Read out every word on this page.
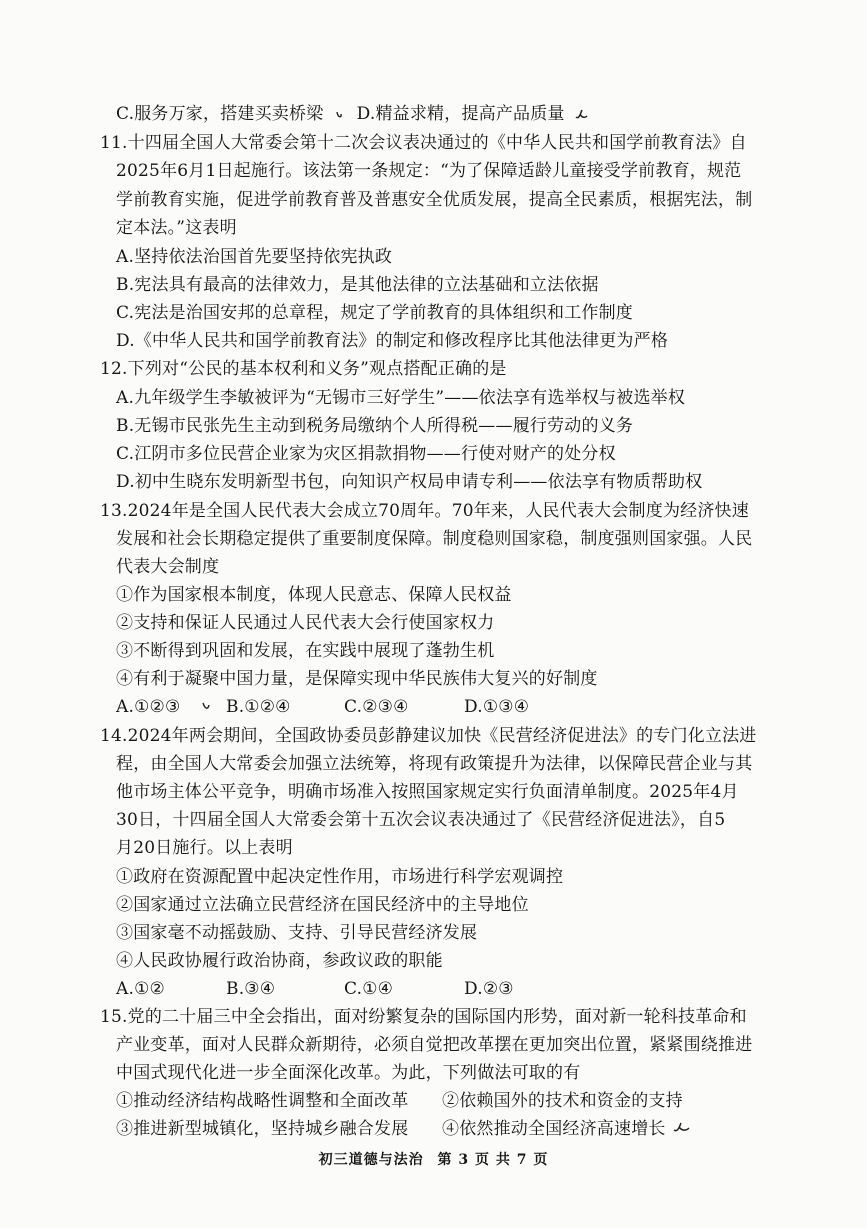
C.服务万家，搭建买卖桥梁 D.精益求精，提高产品质量
11.十四届全国人大常委会第十二次会议表决通过的《中华人民共和国学前教育法》自
2025年6月1日起施行。该法第一条规定：“为了保障适龄儿童接受学前教育，规范
学前教育实施，促进学前教育普及普惠安全优质发展，提高全民素质，根据宪法，制
定本法。”这表明
A.坚持依法治国首先要坚持依宪执政
B.宪法具有最高的法律效力，是其他法律的立法基础和立法依据
C.宪法是治国安邦的总章程，规定了学前教育的具体组织和工作制度
D.《中华人民共和国学前教育法》的制定和修改程序比其他法律更为严格
12.下列对“公民的基本权利和义务”观点搭配正确的是
A.九年级学生李敏被评为“无锡市三好学生”——依法享有选举权与被选举权
B.无锡市民张先生主动到税务局缴纳个人所得税——履行劳动的义务
C.江阴市多位民营企业家为灾区捐款捐物——行使对财产的处分权
D.初中生晓东发明新型书包，向知识产权局申请专利——依法享有物质帮助权
13.2024年是全国人民代表大会成立70周年。70年来，人民代表大会制度为经济快速
发展和社会长期稳定提供了重要制度保障。制度稳则国家稳，制度强则国家强。人民
代表大会制度
①作为国家根本制度，体现人民意志、保障人民权益
②支持和保证人民通过人民代表大会行使国家权力
③不断得到巩固和发展，在实践中展现了蓬勃生机
④有利于凝聚中国力量，是保障实现中华民族伟大复兴的好制度
A.①②③	B.①②④	C.②③④	D.①③④
14.2024年两会期间，全国政协委员彭静建议加快《民营经济促进法》的专门化立法进
程，由全国人大常委会加强立法统筹，将现有政策提升为法律，以保障民营企业与其
他市场主体公平竞争，明确市场准入按照国家规定实行负面清单制度。2025年4月
30日，十四届全国人大常委会第十五次会议表决通过了《民营经济促进法》，自5
月20日施行。以上表明
①政府在资源配置中起决定性作用，市场进行科学宏观调控
②国家通过立法确立民营经济在国民经济中的主导地位
③国家毫不动摇鼓励、支持、引导民营经济发展
④人民政协履行政治协商，参政议政的职能
A.①②	B.③④	C.①④	D.②③
15.党的二十届三中全会指出，面对纷繁复杂的国际国内形势，面对新一轮科技革命和
产业变革，面对人民群众新期待，必须自觉把改革摆在更加突出位置，紧紧围绕推进
中国式现代化进一步全面深化改革。为此，下列做法可取的有
①推动经济结构战略性调整和全面改革 ②依赖国外的技术和资金的支持
③推进新型城镇化，坚持城乡融合发展 ④依然推动全国经济高速增长
初三道德与法治 第 3 页 共 7 页
